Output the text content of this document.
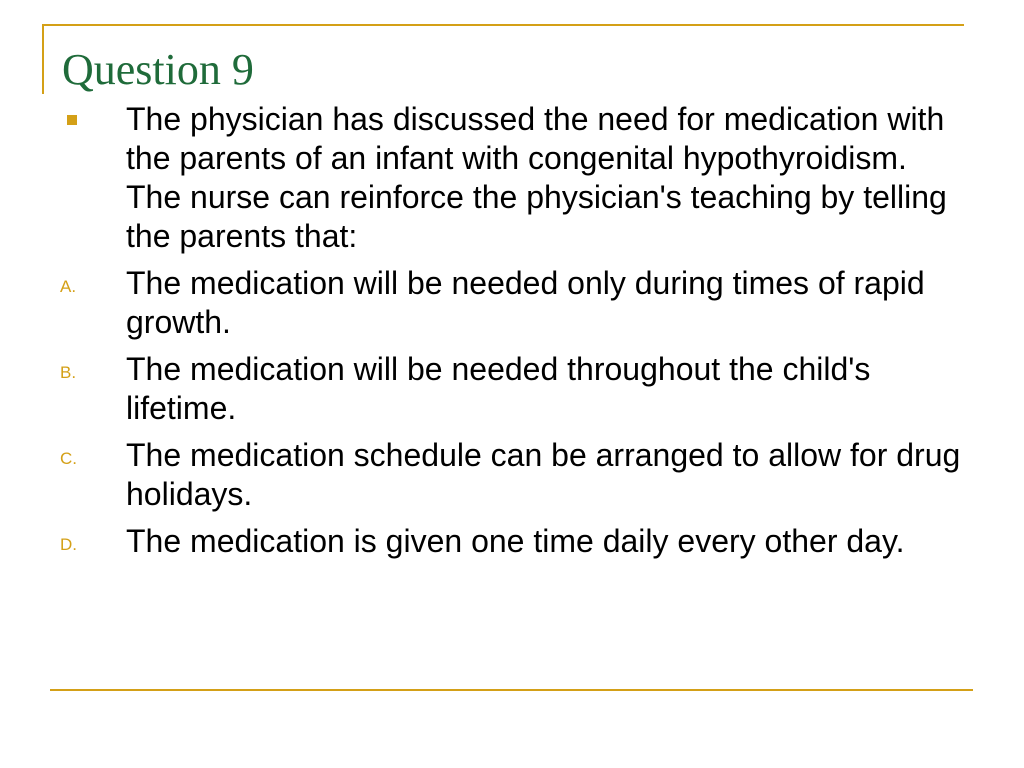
Question 9
The physician has discussed the need for medication with the parents of an infant with congenital hypothyroidism. The nurse can reinforce the physician's teaching by telling the parents that:
A. The medication will be needed only during times of rapid growth.
B. The medication will be needed throughout the child's lifetime.
C. The medication schedule can be arranged to allow for drug holidays.
D. The medication is given one time daily every other day.
